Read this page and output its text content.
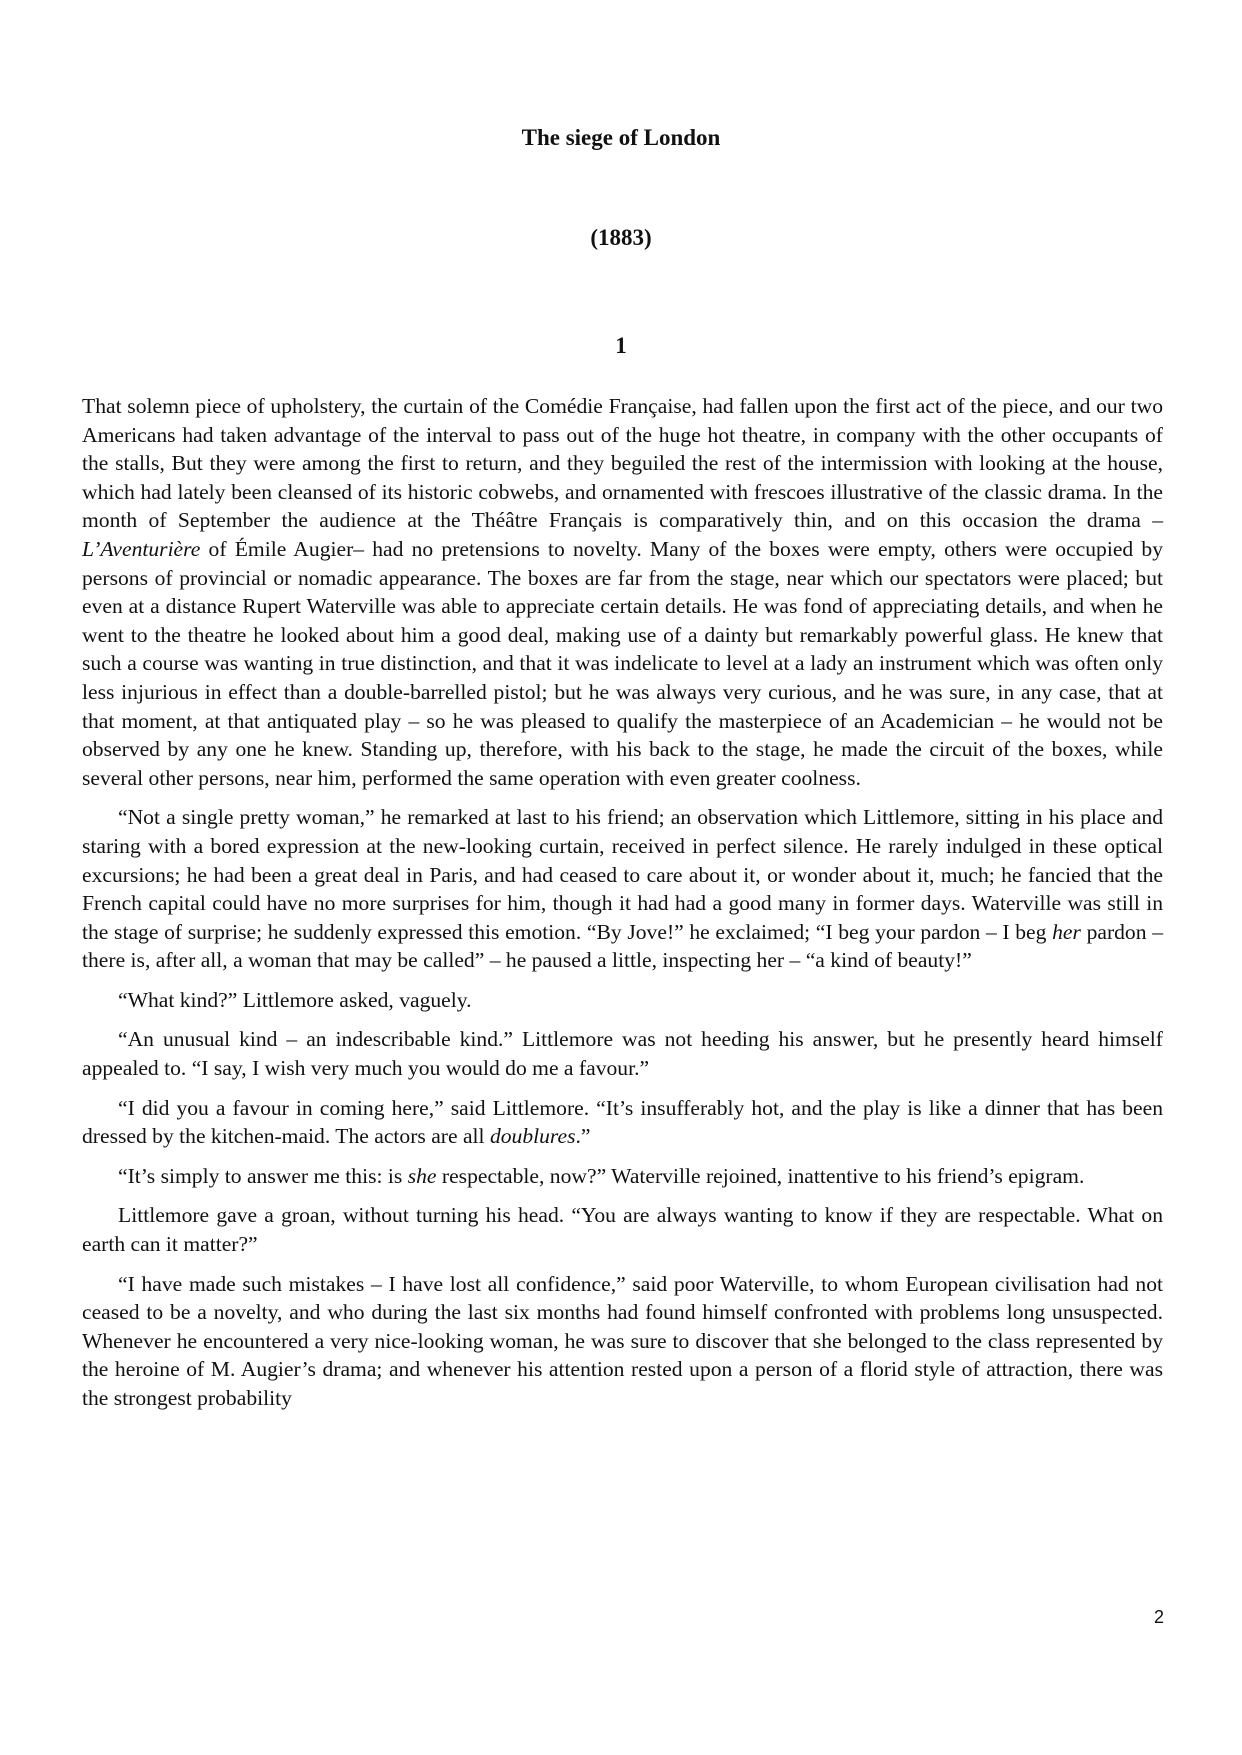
The siege of London
(1883)
1

That solemn piece of upholstery, the curtain of the Comédie Française, had fallen upon the first act of the piece, and our two Americans had taken advantage of the interval to pass out of the huge hot theatre, in company with the other occupants of the stalls, But they were among the first to return, and they beguiled the rest of the intermission with looking at the house, which had lately been cleansed of its historic cobwebs, and ornamented with frescoes illustrative of the classic drama. In the month of September the audience at the Théâtre Français is comparatively thin, and on this occasion the drama – L’Aventurière of Émile Augier– had no pretensions to novelty. Many of the boxes were empty, others were occupied by persons of provincial or nomadic appearance. The boxes are far from the stage, near which our spectators were placed; but even at a distance Rupert Waterville was able to appreciate certain details. He was fond of appreciating details, and when he went to the theatre he looked about him a good deal, making use of a dainty but remarkably powerful glass. He knew that such a course was wanting in true distinction, and that it was indelicate to level at a lady an instrument which was often only less injurious in effect than a double-barrelled pistol; but he was always very curious, and he was sure, in any case, that at that moment, at that antiquated play – so he was pleased to qualify the masterpiece of an Academician – he would not be observed by any one he knew. Standing up, therefore, with his back to the stage, he made the circuit of the boxes, while several other persons, near him, performed the same operation with even greater coolness.

“Not a single pretty woman,” he remarked at last to his friend; an observation which Littlemore, sitting in his place and staring with a bored expression at the new-looking curtain, received in perfect silence. He rarely indulged in these optical excursions; he had been a great deal in Paris, and had ceased to care about it, or wonder about it, much; he fancied that the French capital could have no more surprises for him, though it had had a good many in former days. Waterville was still in the stage of surprise; he suddenly expressed this emotion. “By Jove!” he exclaimed; “I beg your pardon – I beg her pardon – there is, after all, a woman that may be called” – he paused a little, inspecting her – “a kind of beauty!”

“What kind?” Littlemore asked, vaguely.

“An unusual kind – an indescribable kind.” Littlemore was not heeding his answer, but he presently heard himself appealed to. “I say, I wish very much you would do me a favour.”

“I did you a favour in coming here,” said Littlemore. “It’s insufferably hot, and the play is like a dinner that has been dressed by the kitchen-maid. The actors are all doublures.”

“It’s simply to answer me this: is she respectable, now?” Waterville rejoined, inattentive to his friend’s epigram.

Littlemore gave a groan, without turning his head. “You are always wanting to know if they are respectable. What on earth can it matter?”

“I have made such mistakes – I have lost all confidence,” said poor Waterville, to whom European civilisation had not ceased to be a novelty, and who during the last six months had found himself confronted with problems long unsuspected. Whenever he encountered a very nice-looking woman, he was sure to discover that she belonged to the class represented by the heroine of M. Augier’s drama; and whenever his attention rested upon a person of a florid style of attraction, there was the strongest probability

2
